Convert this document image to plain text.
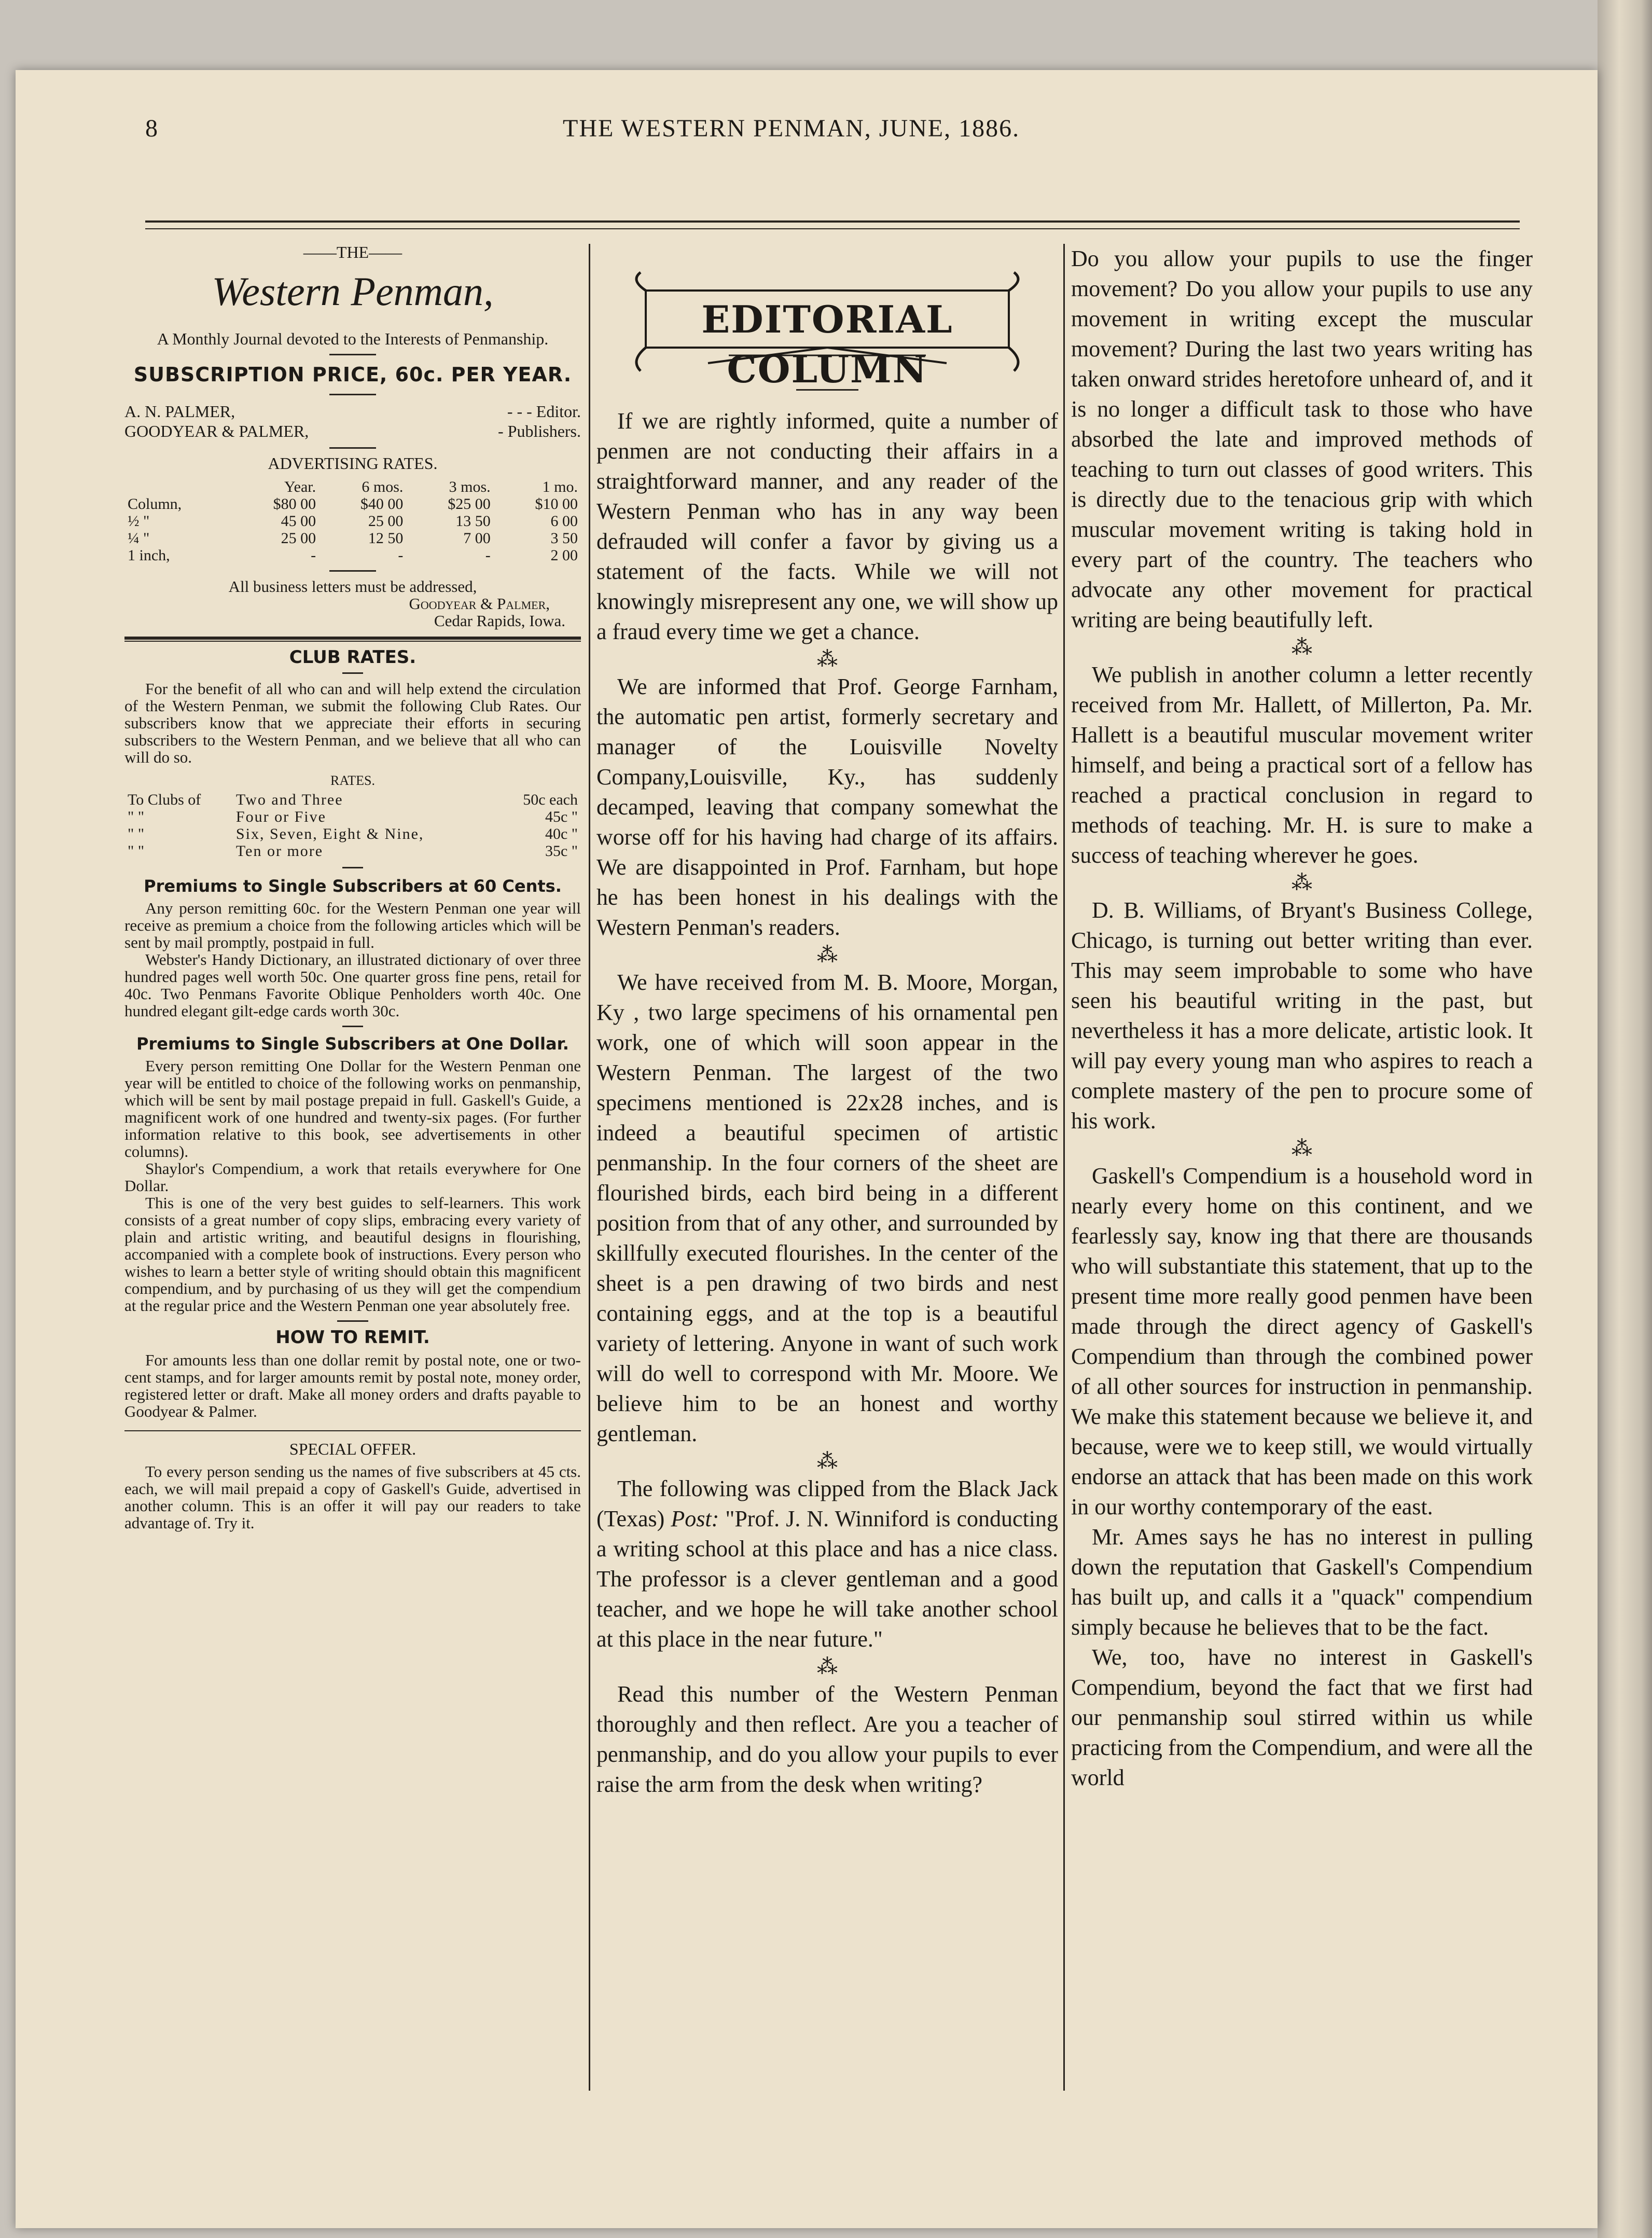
8	THE WESTERN PENMAN, JUNE, 1886.

——THE——

Western Penman,

A Monthly Journal devoted to the Interests of Penmanship.

SUBSCRIPTION PRICE, 60c. PER YEAR.

A. N. PALMER,	- - - Editor.
GOODYEAR & PALMER,	- Publishers.

ADVERTISING RATES.

	Year.	6 mos.	3 mos.	1 mo.
Column,	$80 00	$40 00	$25 00	$10 00
½ "	45 00	25 00	13 50	6 00
¼ "	25 00	12 50	7 00	3 50
1 inch,	-	-	-	2 00

All business letters must be addressed,

Goodyear & Palmer,

Cedar Rapids, Iowa.

CLUB RATES.

For the benefit of all who can and will help extend the circulation of the Western Penman, we submit the following Club Rates. Our subscribers know that we appreciate their efforts in securing subscribers to the Western Penman, and we believe that all who can will do so.

RATES.

To Clubs of	Two and Three	50c each
" "	Four or Five	45c "
" "	Six, Seven, Eight & Nine,	40c "
" "	Ten or more	35c "

Premiums to Single Subscribers at 60 Cents.

Any person remitting 60c. for the Western Penman one year will receive as premium a choice from the following articles which will be sent by mail promptly, postpaid in full.

Webster's Handy Dictionary, an illustrated dictionary of over three hundred pages well worth 50c. One quarter gross fine pens, retail for 40c. Two Penmans Favorite Oblique Penholders worth 40c. One hundred elegant gilt-edge cards worth 30c.

Premiums to Single Subscribers at One Dollar.

Every person remitting One Dollar for the Western Penman one year will be entitled to choice of the following works on penmanship, which will be sent by mail postage prepaid in full. Gaskell's Guide, a magnificent work of one hundred and twenty-six pages. (For further information relative to this book, see advertisements in other columns).

Shaylor's Compendium, a work that retails everywhere for One Dollar.

This is one of the very best guides to self-learners. This work consists of a great number of copy slips, embracing every variety of plain and artistic writing, and beautiful designs in flourishing, accompanied with a complete book of instructions. Every person who wishes to learn a better style of writing should obtain this magnificent compendium, and by purchasing of us they will get the compendium at the regular price and the Western Penman one year absolutely free.

HOW TO REMIT.

For amounts less than one dollar remit by postal note, one or two-cent stamps, and for larger amounts remit by postal note, money order, registered letter or draft. Make all money orders and drafts payable to Goodyear & Palmer.

SPECIAL OFFER.

To every person sending us the names of five subscribers at 45 cts. each, we will mail prepaid a copy of Gaskell's Guide, advertised in another column. This is an offer it will pay our readers to take advantage of. Try it.

EDITORIAL COLUMN

If we are rightly informed, quite a number of penmen are not conducting their affairs in a straightforward manner, and any reader of the Western Penman who has in any way been defrauded will confer a favor by giving us a statement of the facts. While we will not knowingly misrepresent any one, we will show up a fraud every time we get a chance.

⁂

We are informed that Prof. George Farnham, the automatic pen artist, formerly secretary and manager of the Louisville Novelty Company,Louisville, Ky., has suddenly decamped, leaving that company somewhat the worse off for his having had charge of its affairs. We are disappointed in Prof. Farnham, but hope he has been honest in his dealings with the Western Penman's readers.

⁂

We have received from M. B. Moore, Morgan, Ky , two large specimens of his ornamental pen work, one of which will soon appear in the Western Penman. The largest of the two specimens mentioned is 22x28 inches, and is indeed a beautiful specimen of artistic penmanship. In the four corners of the sheet are flourished birds, each bird being in a different position from that of any other, and surrounded by skillfully executed flourishes. In the center of the sheet is a pen drawing of two birds and nest containing eggs, and at the top is a beautiful variety of lettering. Anyone in want of such work will do well to correspond with Mr. Moore. We believe him to be an honest and worthy gentleman.

⁂

The following was clipped from the Black Jack (Texas) Post: "Prof. J. N. Winniford is conducting a writing school at this place and has a nice class. The professor is a clever gentleman and a good teacher, and we hope he will take another school at this place in the near future."

⁂

Read this number of the Western Penman thoroughly and then reflect. Are you a teacher of penmanship, and do you allow your pupils to ever raise the arm from the desk when writing?

Do you allow your pupils to use the finger movement? Do you allow your pupils to use any movement in writing except the muscular movement? During the last two years writing has taken onward strides heretofore unheard of, and it is no longer a difficult task to those who have absorbed the late and improved methods of teaching to turn out classes of good writers. This is directly due to the tenacious grip with which muscular movement writing is taking hold in every part of the country. The teachers who advocate any other movement for practical writing are being beautifully left.

⁂

We publish in another column a letter recently received from Mr. Hallett, of Millerton, Pa. Mr. Hallett is a beautiful muscular movement writer himself, and being a practical sort of a fellow has reached a practical conclusion in regard to methods of teaching. Mr. H. is sure to make a success of teaching wherever he goes.

⁂

D. B. Williams, of Bryant's Business College, Chicago, is turning out better writing than ever. This may seem improbable to some who have seen his beautiful writing in the past, but nevertheless it has a more delicate, artistic look. It will pay every young man who aspires to reach a complete mastery of the pen to procure some of his work.

⁂

Gaskell's Compendium is a household word in nearly every home on this continent, and we fearlessly say, know ing that there are thousands who will substantiate this statement, that up to the present time more really good penmen have been made through the direct agency of Gaskell's Compendium than through the combined power of all other sources for instruction in penmanship. We make this statement because we believe it, and because, were we to keep still, we would virtually endorse an attack that has been made on this work in our worthy contemporary of the east.

Mr. Ames says he has no interest in pulling down the reputation that Gaskell's Compendium has built up, and calls it a "quack" compendium simply because he believes that to be the fact.

We, too, have no interest in Gaskell's Compendium, beyond the fact that we first had our penmanship soul stirred within us while practicing from the Compendium, and were all the world
